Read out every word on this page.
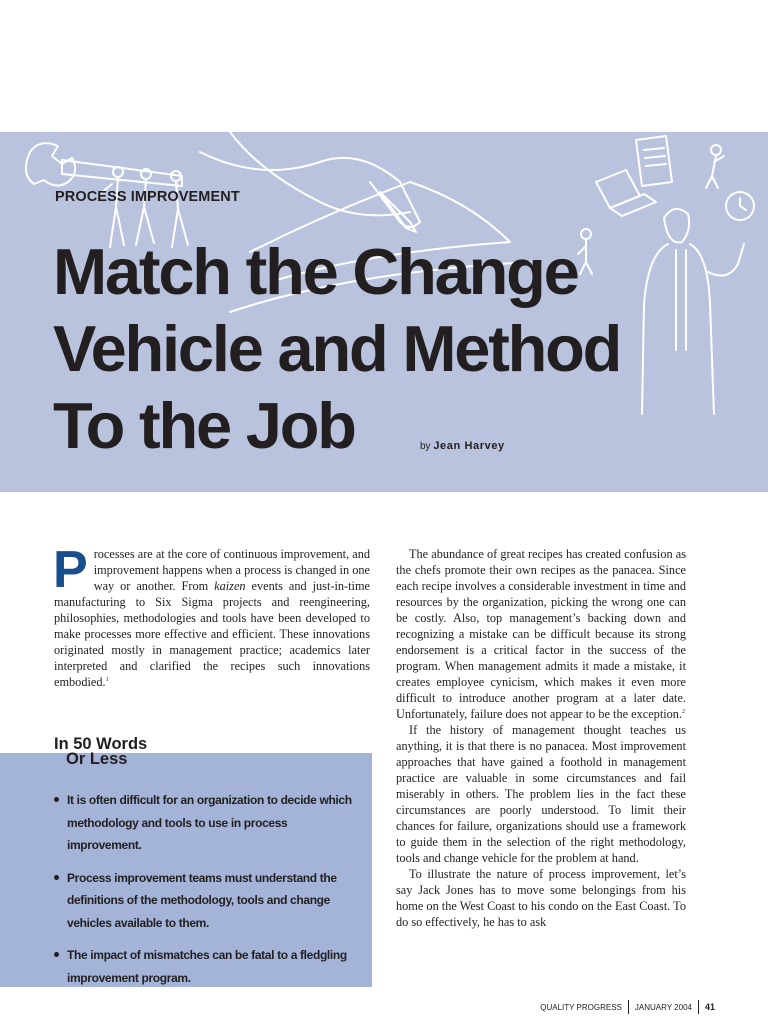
PROCESS IMPROVEMENT
Match the Change
Vehicle and Method
To the Job	by Jean Harvey

Processes are at the core of continuous improvement, and improvement happens when a process is changed in one way or another. From kaizen events and just-in-time manufacturing to Six Sigma projects and reengineering, philosophies, methodologies and tools have been developed to make processes more effective and efficient. These innovations originated mostly in management practice; academics later interpreted and clarified the recipes such innovations embodied.$^1$

The abundance of great recipes has created confusion as the chefs promote their own recipes as the panacea. Since each recipe involves a considerable investment in time and resources by the organization, picking the wrong one can be costly. Also, top management’s backing down and recognizing a mistake can be difficult because its strong endorsement is a critical factor in the success of the program. When management admits it made a mistake, it creates employee cynicism, which makes it even more difficult to introduce another program at a later date. Unfortunately, failure does not appear to be the exception.$^2$

If the history of management thought teaches us anything, it is that there is no panacea. Most improvement approaches that have gained a foothold in management practice are valuable in some circumstances and fail miserably in others. The problem lies in the fact these circumstances are poorly understood. To limit their chances for failure, organizations should use a framework to guide them in the selection of the right methodology, tools and change vehicle for the problem at hand.

To illustrate the nature of process improvement, let’s say Jack Jones has to move some belongings from his home on the West Coast to his condo on the East Coast. To do so effectively, he has to ask

In 50 Words
Or Less
It is often difficult for an organization to decide which methodology and tools to use in process improvement.
Process improvement teams must understand the definitions of the methodology, tools and change vehicles available to them.
The impact of mismatches can be fatal to a fledgling improvement program.
QUALITY PROGRESS JANUARY 2004 41
